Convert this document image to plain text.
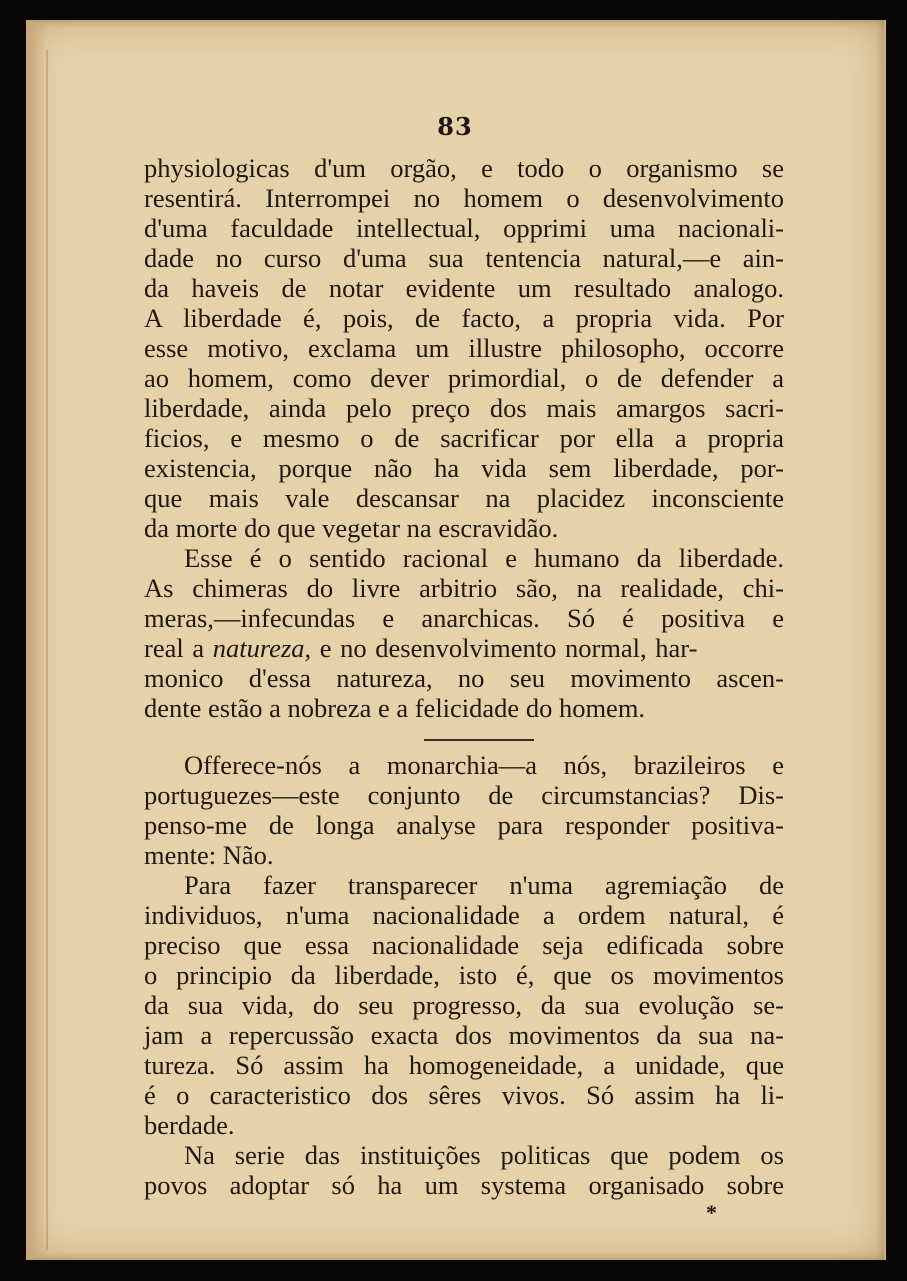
83
physiologicas d'um orgão, e todo o organismo se
resentirá. Interrompei no homem o desenvolvimento
d'uma faculdade intellectual, opprimi uma nacionali-
dade no curso d'uma sua tentencia natural,—e ain-
da haveis de notar evidente um resultado analogo.
A liberdade é, pois, de facto, a propria vida. Por
esse motivo, exclama um illustre philosopho, occorre
ao homem, como dever primordial, o de defender a
liberdade, ainda pelo preço dos mais amargos sacri-
ficios, e mesmo o de sacrificar por ella a propria
existencia, porque não ha vida sem liberdade, por-
que mais vale descansar na placidez inconsciente
da morte do que vegetar na escravidão.
Esse é o sentido racional e humano da liberdade.
As chimeras do livre arbitrio são, na realidade, chi-
meras,—infecundas e anarchicas. Só é positiva e
real a natureza, e no desenvolvimento normal, har-
monico d'essa natureza, no seu movimento ascen-
dente estão a nobreza e a felicidade do homem.
Offerece-nós a monarchia—a nós, brazileiros e
portuguezes—este conjunto de circumstancias? Dis-
penso-me de longa analyse para responder positiva-
mente: Não.
Para fazer transparecer n'uma agremiação de
individuos, n'uma nacionalidade a ordem natural, é
preciso que essa nacionalidade seja edificada sobre
o principio da liberdade, isto é, que os movimentos
da sua vida, do seu progresso, da sua evolução se-
jam a repercussão exacta dos movimentos da sua na-
tureza. Só assim ha homogeneidade, a unidade, que
é o caracteristico dos sêres vivos. Só assim ha li-
berdade.
Na serie das instituições politicas que podem os
povos adoptar só ha um systema organisado sobre
*
